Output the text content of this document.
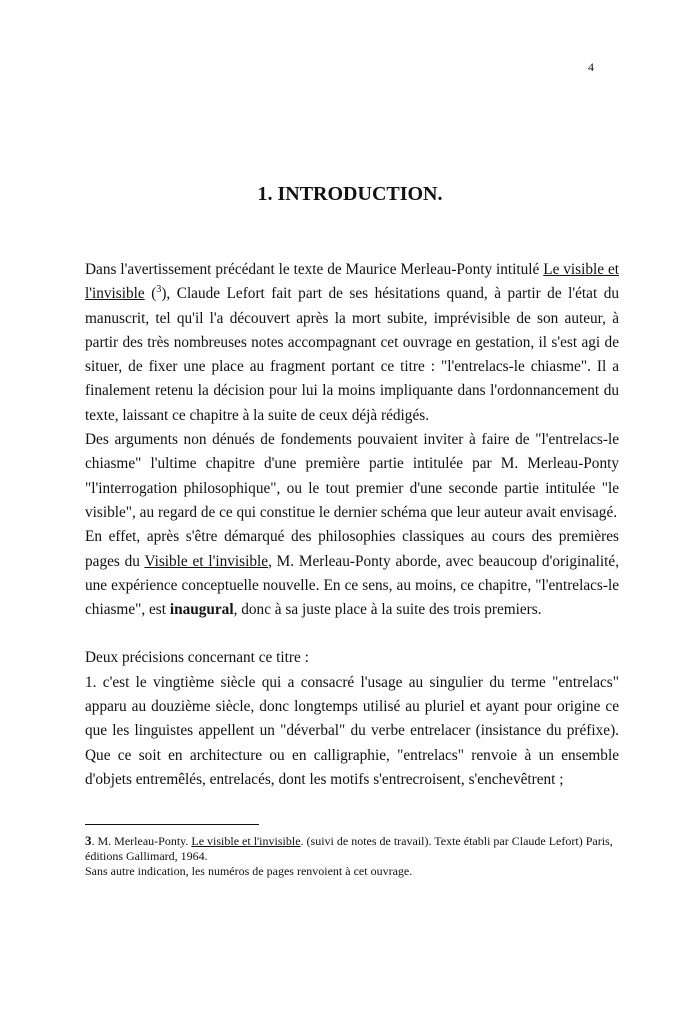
4
1. INTRODUCTION.

Dans l'avertissement précédant le texte de Maurice Merleau-Ponty intitulé Le visible et l'invisible ($^3$), Claude Lefort fait part de ses hésitations quand, à partir de l'état du manuscrit, tel qu'il l'a découvert après la mort subite, imprévisible de son auteur, à partir des très nombreuses notes accompagnant cet ouvrage en gestation, il s'est agi de situer, de fixer une place au fragment portant ce titre : "l'entrelacs-le chiasme". Il a finalement retenu la décision pour lui la moins impliquante dans l'ordonnancement du texte, laissant ce chapitre à la suite de ceux déjà rédigés.

Des arguments non dénués de fondements pouvaient inviter à faire de "l'entrelacs-le chiasme" l'ultime chapitre d'une première partie intitulée par M. Merleau-Ponty "l'interrogation philosophique", ou le tout premier d'une seconde partie intitulée "le visible", au regard de ce qui constitue le dernier schéma que leur auteur avait envisagé.

En effet, après s'être démarqué des philosophies classiques au cours des premières pages du Visible et l'invisible, M. Merleau-Ponty aborde, avec beaucoup d'originalité, une expérience conceptuelle nouvelle. En ce sens, au moins, ce chapitre, "l'entrelacs-le chiasme", est inaugural, donc à sa juste place à la suite des trois premiers.

Deux précisions concernant ce titre :

1. c'est le vingtième siècle qui a consacré l'usage au singulier du terme "entrelacs" apparu au douzième siècle, donc longtemps utilisé au pluriel et ayant pour origine ce que les linguistes appellent un "déverbal" du verbe entrelacer (insistance du préfixe). Que ce soit en architecture ou en calligraphie, "entrelacs" renvoie à un ensemble d'objets entremêlés, entrelacés, dont les motifs s'entrecroisent, s'enchevêtrent ;

3. M. Merleau-Ponty. Le visible et l'invisible. (suivi de notes de travail). Texte établi par Claude Lefort) Paris, éditions Gallimard, 1964.

Sans autre indication, les numéros de pages renvoient à cet ouvrage.
